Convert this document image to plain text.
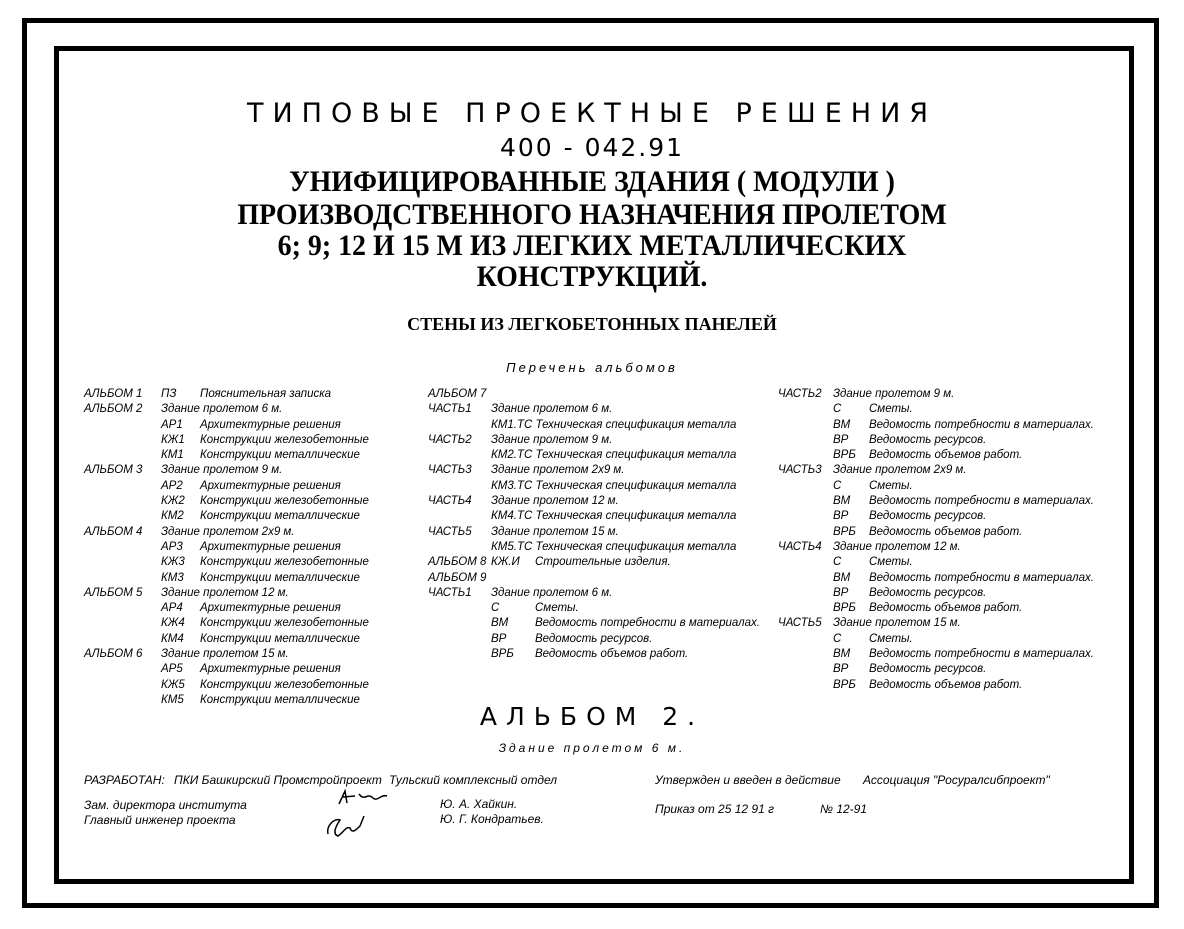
ТИПОВЫЕ ПРОЕКТНЫЕ РЕШЕНИЯ
400 - 042.91
УНИФИЦИРОВАННЫЕ ЗДАНИЯ ( МОДУЛИ )
ПРОИЗВОДСТВЕННОГО НАЗНАЧЕНИЯ ПРОЛЕТОМ
6; 9; 12 И 15 М ИЗ ЛЕГКИХ МЕТАЛЛИЧЕСКИХ
КОНСТРУКЦИЙ.
СТЕНЫ ИЗ ЛЕГКОБЕТОННЫХ ПАНЕЛЕЙ
Перечень альбомов
АЛЬБОМ 1 ПЗ Пояснительная записка
АЛЬБОМ 2 Здание пролетом 6 м.
АР1 Архитектурные решения
КЖ1 Конструкции железобетонные
КМ1 Конструкции металлические
АЛЬБОМ 3 Здание пролетом 9 м.
АР2 Архитектурные решения
КЖ2 Конструкции железобетонные
КМ2 Конструкции металлические
АЛЬБОМ 4 Здание пролетом 2х9 м.
АР3 Архитектурные решения
КЖ3 Конструкции железобетонные
КМ3 Конструкции металлические
АЛЬБОМ 5 Здание пролетом 12 м.
АР4 Архитектурные решения
КЖ4 Конструкции железобетонные
КМ4 Конструкции металлические
АЛЬБОМ 6 Здание пролетом 15 м.
АР5 Архитектурные решения
КЖ5 Конструкции железобетонные
КМ5 Конструкции металлические
АЛЬБОМ 7
ЧАСТЬ1 Здание пролетом 6 м.
КМ1.ТС Техническая спецификация металла
ЧАСТЬ2 Здание пролетом 9 м.
КМ2.ТС Техническая спецификация металла
ЧАСТЬ3 Здание пролетом 2х9 м.
КМ3.ТС Техническая спецификация металла
ЧАСТЬ4 Здание пролетом 12 м.
КМ4.ТС Техническая спецификация металла
ЧАСТЬ5 Здание пролетом 15 м.
КМ5.ТС Техническая спецификация металла
АЛЬБОМ 8 КЖ.И Строительные изделия.
АЛЬБОМ 9
ЧАСТЬ1 Здание пролетом 6 м.
С	Сметы.
ВМ Ведомость потребности в материалах.
ВР Ведомость ресурсов.
ВРБ Ведомость объемов работ.
ЧАСТЬ2 Здание пролетом 9 м.
С Сметы.
ВМ Ведомость потребности в материалах.
ВР Ведомость ресурсов.
ВРБ Ведомость объемов работ.
ЧАСТЬ3 Здание пролетом 2х9 м.
С Сметы.
ВМ Ведомость потребности в материалах.
ВР Ведомость ресурсов.
ВРБ Ведомость объемов работ.
ЧАСТЬ4 Здание пролетом 12 м.
С Сметы.
ВМ Ведомость потребности в материалах.
ВР Ведомость ресурсов.
ВРБ Ведомость объемов работ.
ЧАСТЬ5 Здание пролетом 15 м.
С Сметы.
ВМ Ведомость потребности в материалах.
ВР Ведомость ресурсов.
ВРБ Ведомость объемов работ.
АЛЬБОМ 2.
Здание пролетом 6 м.
РАЗРАБОТАН: ПКИ Башкирский Промстройпроект Тульский комплексный отдел	Утвержден и введен в действие Ассоциация "Росуралсибпроект"
Зам. директора института
Главный инженер проекта
Ю. А. Хайкин.
Ю. Г. Кондратьев.
Приказ от 25 12 91 г	№ 12-91
